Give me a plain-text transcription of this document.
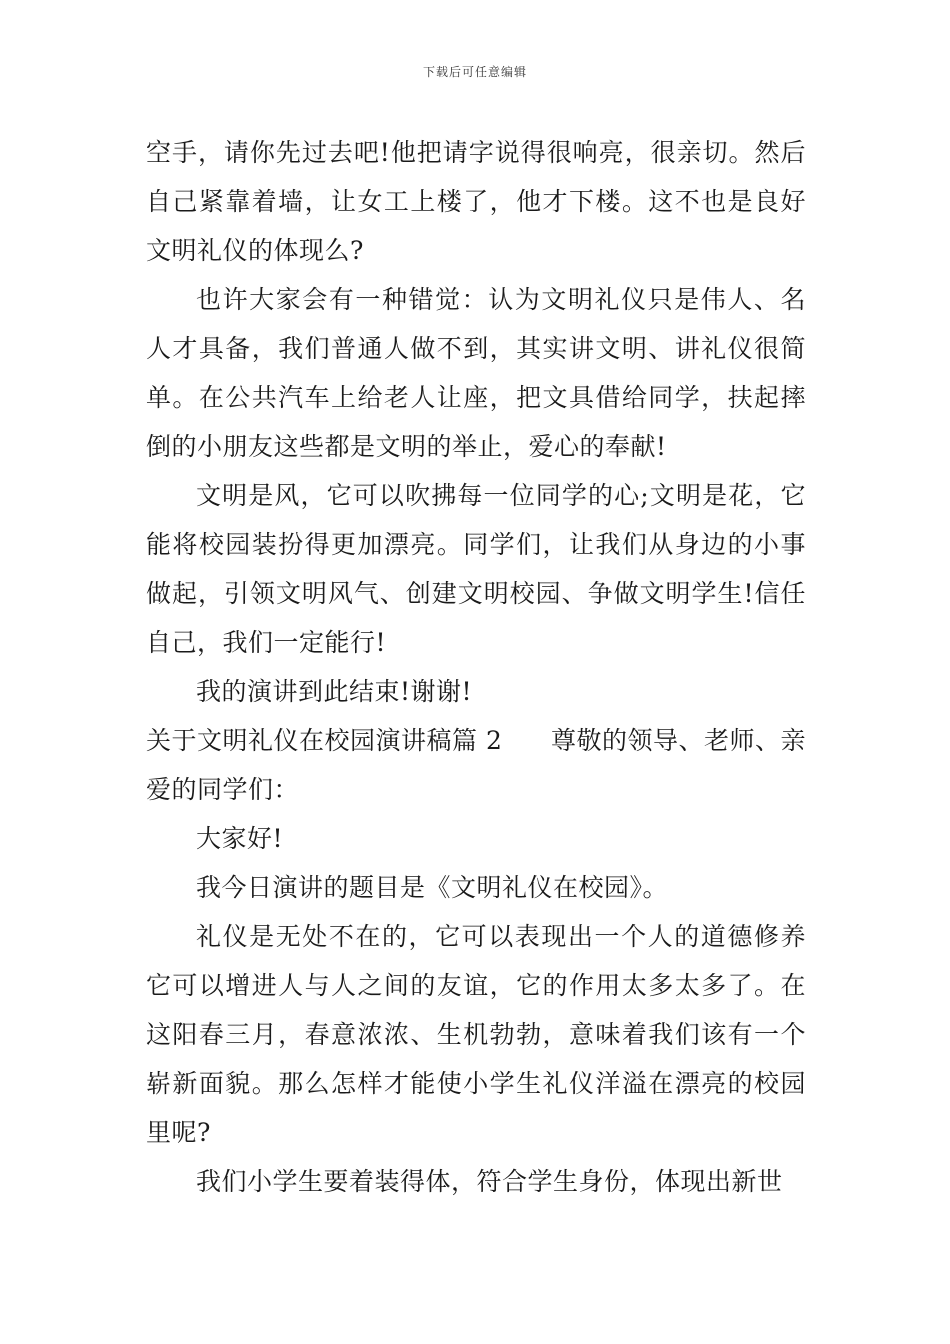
下载后可任意编辑

空手，请你先过去吧!他把请字说得很响亮，很亲切。然后自己紧靠着墙，让女工上楼了，他才下楼。这不也是良好文明礼仪的体现么?

也许大家会有一种错觉：认为文明礼仪只是伟人、名人才具备，我们普通人做不到，其实讲文明、讲礼仪很简单。在公共汽车上给老人让座，把文具借给同学，扶起摔倒的小朋友这些都是文明的举止，爱心的奉献!

文明是风，它可以吹拂每一位同学的心;文明是花，它能将校园装扮得更加漂亮。同学们，让我们从身边的小事做起，引领文明风气、创建文明校园、争做文明学生!信任自己，我们一定能行!

我的演讲到此结束!谢谢!

关于文明礼仪在校园演讲稿篇 2 尊敬的领导、老师、亲

爱的同学们：

大家好!

我今日演讲的题目是《文明礼仪在校园》。

礼仪是无处不在的，它可以表现出一个人的道德修养它可以增进人与人之间的友谊，它的作用太多太多了。在这阳春三月，春意浓浓、生机勃勃，意味着我们该有一个崭新面貌。那么怎样才能使小学生礼仪洋溢在漂亮的校园里呢?

我们小学生要着装得体，符合学生身份，体现出新世
